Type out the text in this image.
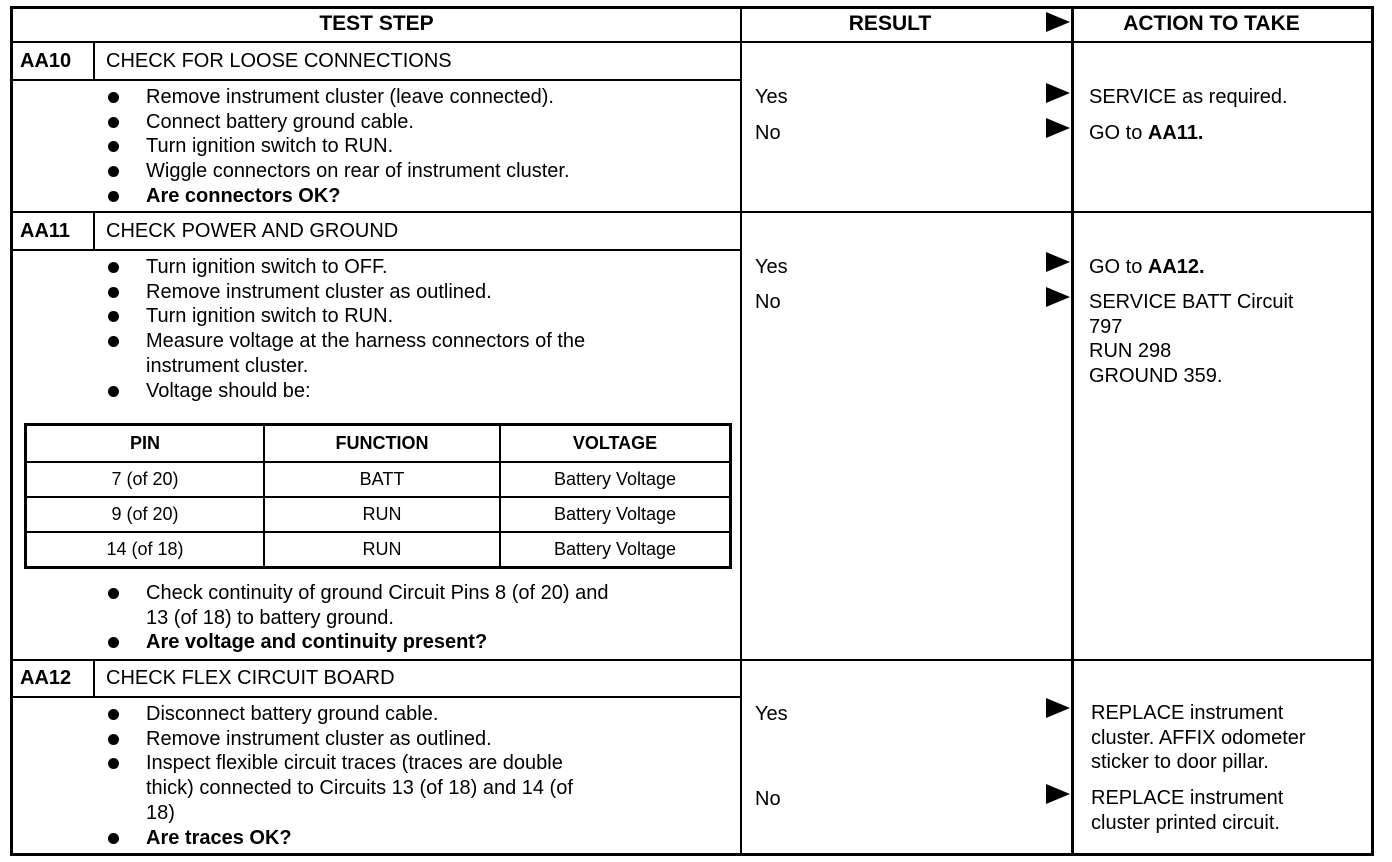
TEST STEP	RESULT	ACTION TO TAKE
AA10 CHECK FOR LOOSE CONNECTIONS
Remove instrument cluster (leave connected).
Connect battery ground cable.
Turn ignition switch to RUN.
Wiggle connectors on rear of instrument cluster.
Are connectors OK?
Yes	SERVICE as required.
No	GO to AA11.
AA11 CHECK POWER AND GROUND
Turn ignition switch to OFF.
Remove instrument cluster as outlined.
Turn ignition switch to RUN.
Measure voltage at the harness connectors of the
instrument cluster.
Voltage should be:
PIN	FUNCTION	VOLTAGE
7 (of 20)	BATT	Battery Voltage
9 (of 20)	RUN	Battery Voltage
14 (of 18)	RUN	Battery Voltage
Check continuity of ground Circuit Pins 8 (of 20) and
13 (of 18) to battery ground.
Are voltage and continuity present?
Yes	GO to AA12.
No	SERVICE BATT Circuit
797
RUN 298
GROUND 359.
AA12 CHECK FLEX CIRCUIT BOARD
Disconnect battery ground cable.
Remove instrument cluster as outlined.
Inspect flexible circuit traces (traces are double
thick) connected to Circuits 13 (of 18) and 14 (of
18)
Are traces OK?
Yes	REPLACE instrument
cluster. AFFIX odometer
sticker to door pillar.
No	REPLACE instrument
cluster printed circuit.
